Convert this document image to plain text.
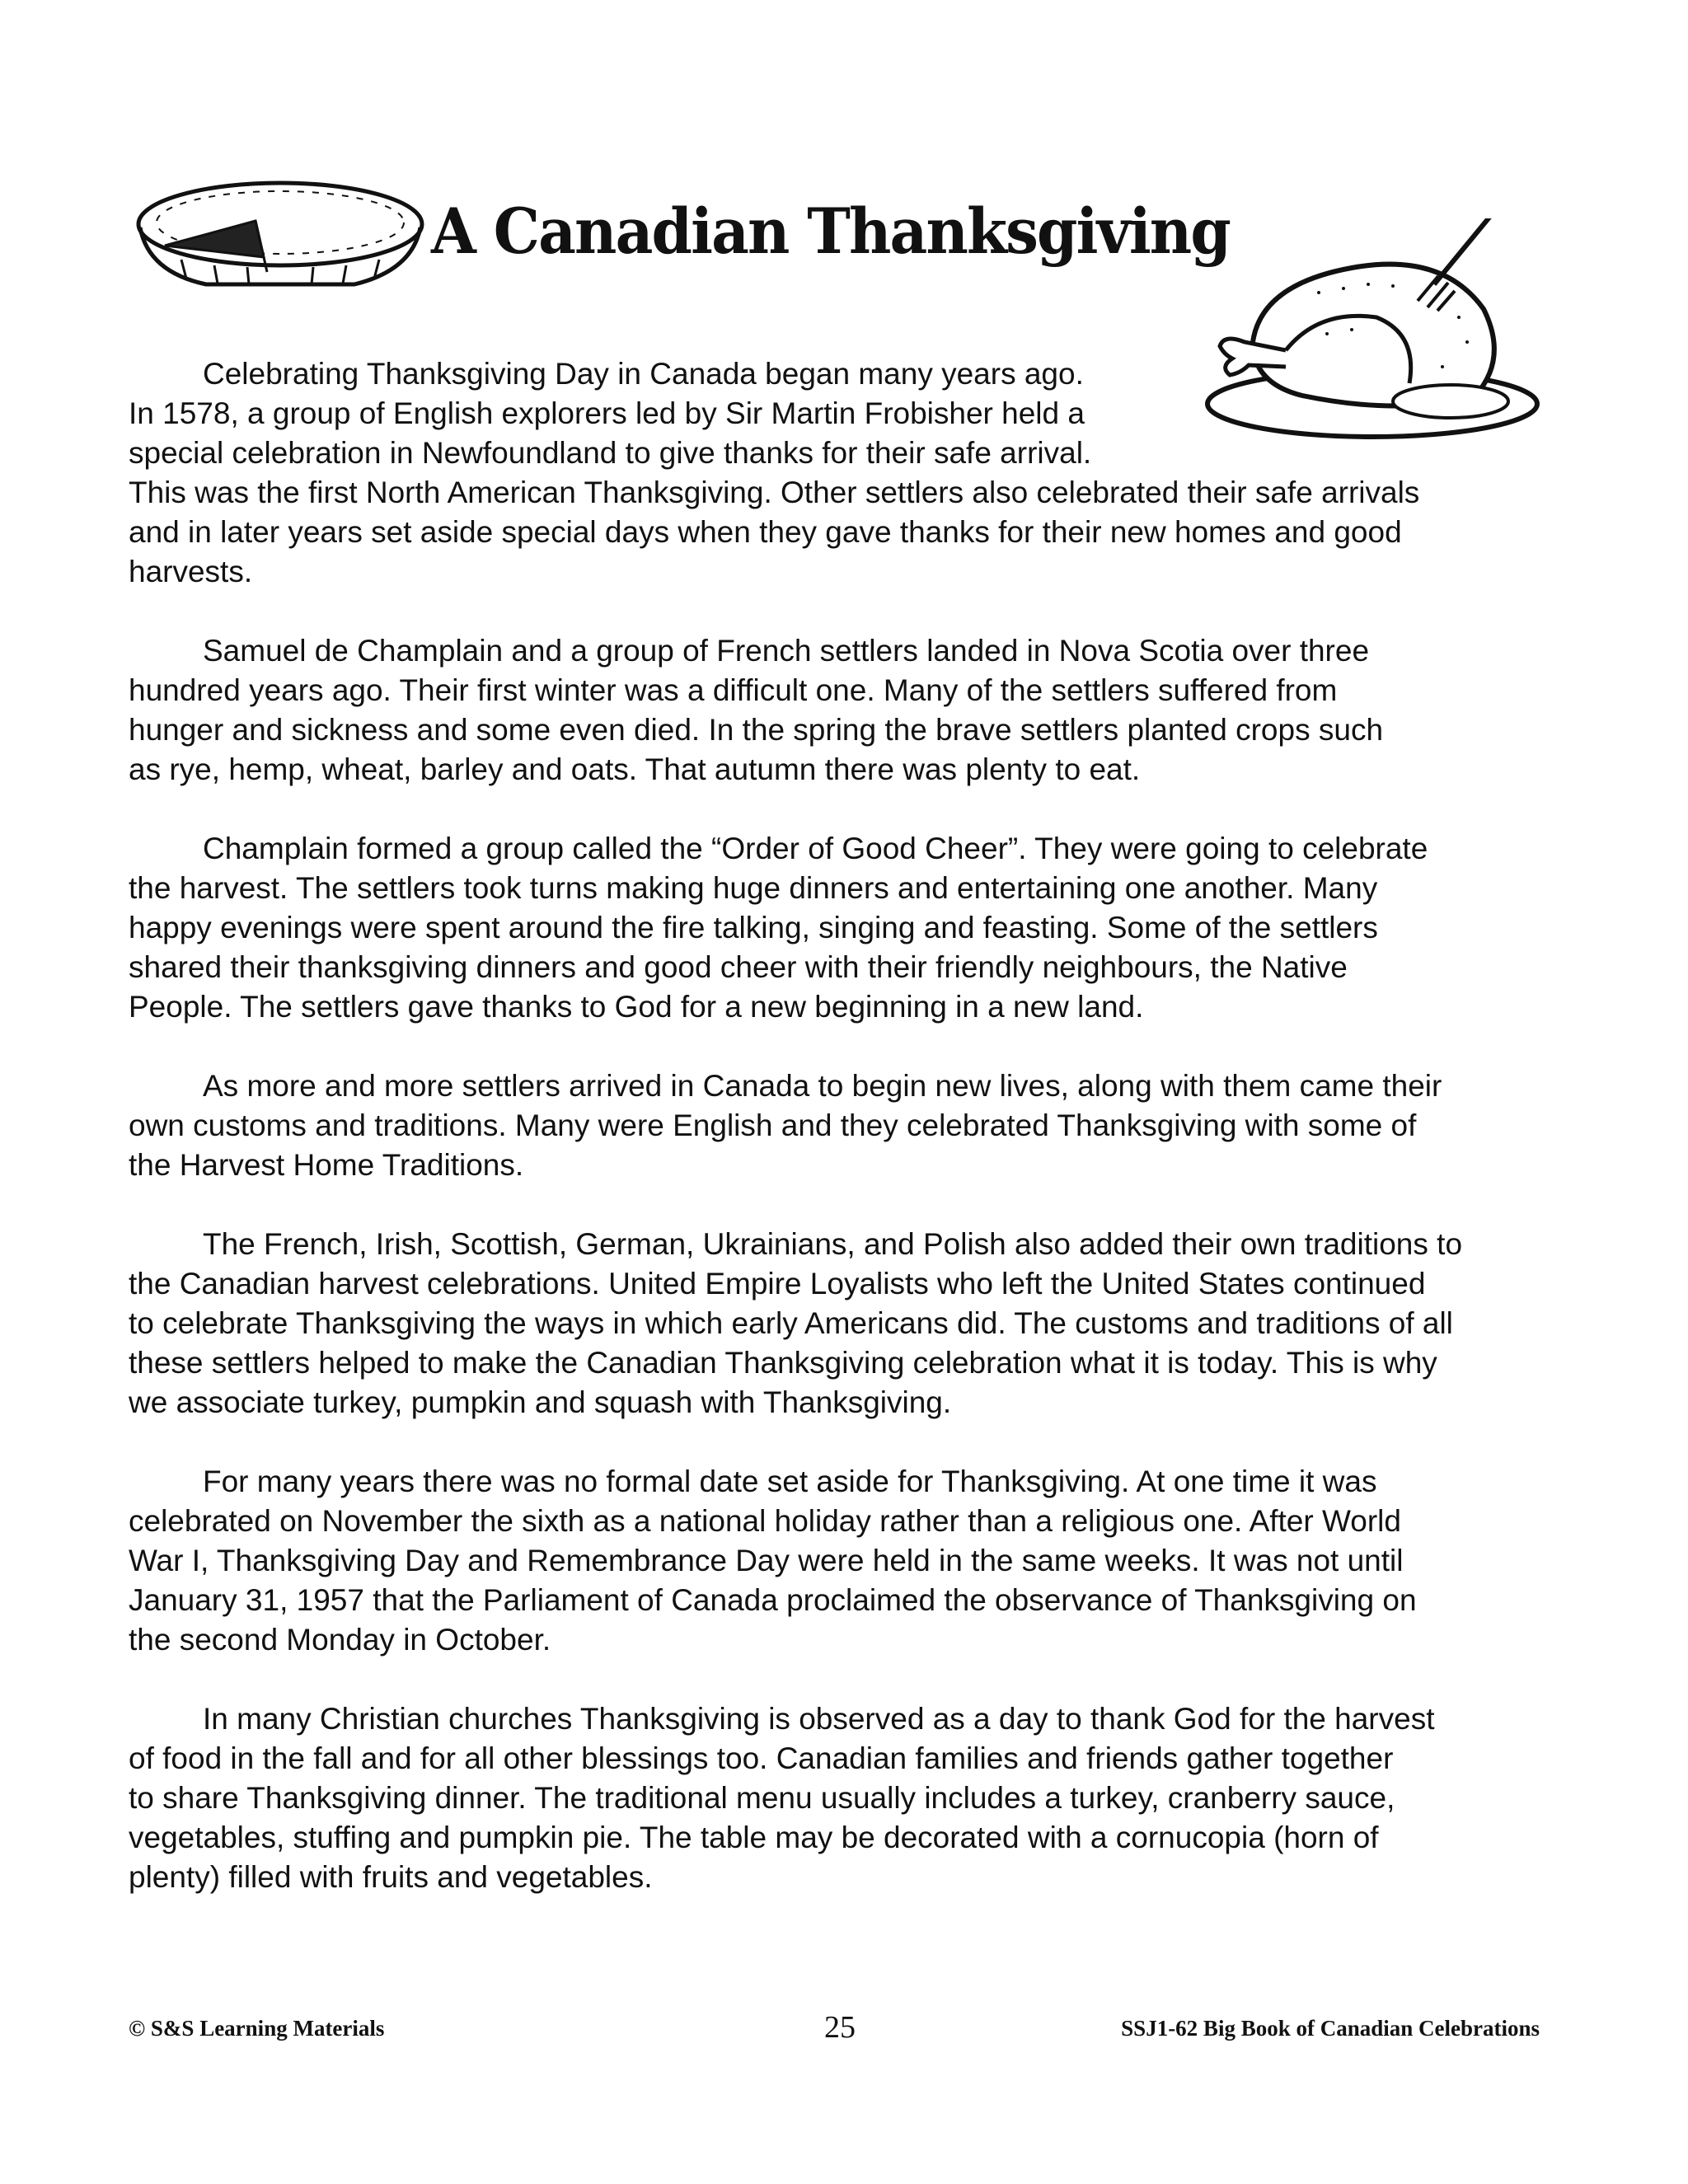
A Canadian Thanksgiving

Celebrating Thanksgiving Day in Canada began many years ago.
In 1578, a group of English explorers led by Sir Martin Frobisher held a
special celebration in Newfoundland to give thanks for their safe arrival.
This was the first North American Thanksgiving. Other settlers also celebrated their safe arrivals
and in later years set aside special days when they gave thanks for their new homes and good
harvests.

Samuel de Champlain and a group of French settlers landed in Nova Scotia over three
hundred years ago. Their first winter was a difficult one. Many of the settlers suffered from
hunger and sickness and some even died. In the spring the brave settlers planted crops such
as rye, hemp, wheat, barley and oats. That autumn there was plenty to eat.

Champlain formed a group called the “Order of Good Cheer”. They were going to celebrate
the harvest. The settlers took turns making huge dinners and entertaining one another. Many
happy evenings were spent around the fire talking, singing and feasting. Some of the settlers
shared their thanksgiving dinners and good cheer with their friendly neighbours, the Native
People. The settlers gave thanks to God for a new beginning in a new land.

As more and more settlers arrived in Canada to begin new lives, along with them came their
own customs and traditions. Many were English and they celebrated Thanksgiving with some of
the Harvest Home Traditions.

The French, Irish, Scottish, German, Ukrainians, and Polish also added their own traditions to
the Canadian harvest celebrations. United Empire Loyalists who left the United States continued
to celebrate Thanksgiving the ways in which early Americans did. The customs and traditions of all
these settlers helped to make the Canadian Thanksgiving celebration what it is today. This is why
we associate turkey, pumpkin and squash with Thanksgiving.

For many years there was no formal date set aside for Thanksgiving. At one time it was
celebrated on November the sixth as a national holiday rather than a religious one. After World
War I, Thanksgiving Day and Remembrance Day were held in the same weeks. It was not until
January 31, 1957 that the Parliament of Canada proclaimed the observance of Thanksgiving on
the second Monday in October.

In many Christian churches Thanksgiving is observed as a day to thank God for the harvest
of food in the fall and for all other blessings too. Canadian families and friends gather together
to share Thanksgiving dinner. The traditional menu usually includes a turkey, cranberry sauce,
vegetables, stuffing and pumpkin pie. The table may be decorated with a cornucopia (horn of
plenty) filled with fruits and vegetables.

© S&S Learning Materials	25	SSJ1-62 Big Book of Canadian Celebrations
